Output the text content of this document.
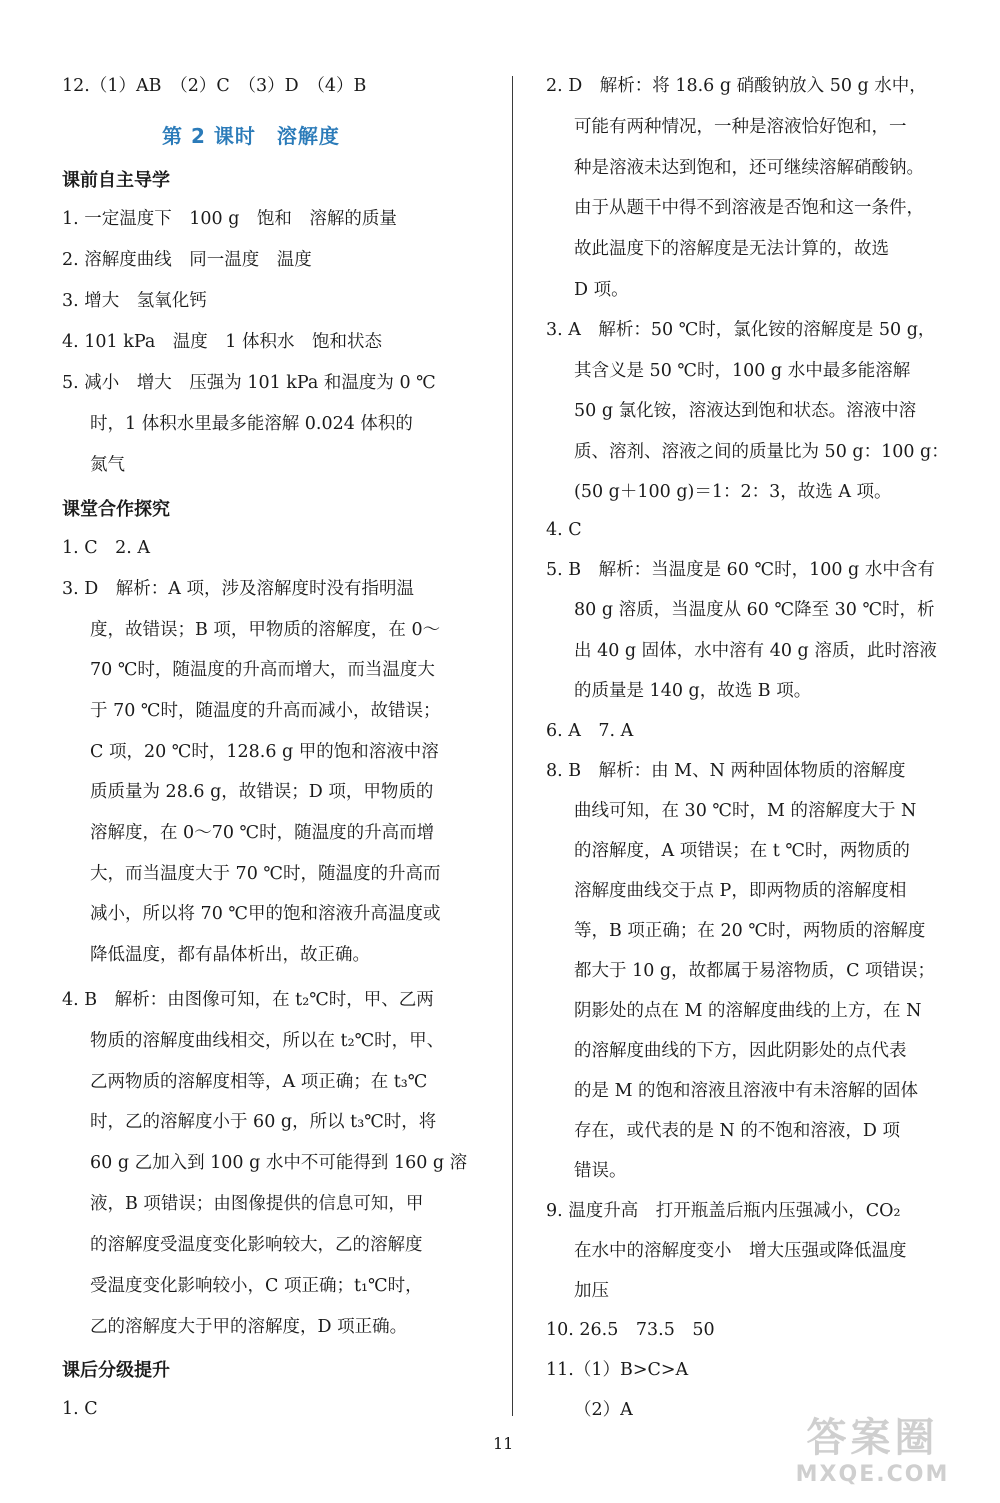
12.（1）AB　（2）C　（3）D　（4）B
第 2 课时　溶解度
课前自主导学
1. 一定温度下　100 g　饱和　溶解的质量
2. 溶解度曲线　同一温度　温度
3. 增大　氢氧化钙
4. 101 kPa　温度　1 体积水　饱和状态
5. 减小　增大　压强为 101 kPa 和温度为 0 ℃
时，1 体积水里最多能溶解 0.024 体积的
氮气
课堂合作探究
1. C　2. A
3. D　解析：A 项，涉及溶解度时没有指明温
度，故错误；B 项，甲物质的溶解度，在 0～
70 ℃时，随温度的升高而增大，而当温度大
于 70 ℃时，随温度的升高而减小，故错误；
C 项，20 ℃时，128.6 g 甲的饱和溶液中溶
质质量为 28.6 g，故错误；D 项，甲物质的
溶解度，在 0～70 ℃时，随温度的升高而增
大，而当温度大于 70 ℃时，随温度的升高而
减小，所以将 70 ℃甲的饱和溶液升高温度或
降低温度，都有晶体析出，故正确。
4. B　解析：由图像可知，在 t₂℃时，甲、乙两
物质的溶解度曲线相交，所以在 t₂℃时，甲、
乙两物质的溶解度相等，A 项正确；在 t₃℃
时，乙的溶解度小于 60 g，所以 t₃℃时，将
60 g 乙加入到 100 g 水中不可能得到 160 g 溶
液，B 项错误；由图像提供的信息可知，甲
的溶解度受温度变化影响较大，乙的溶解度
受温度变化影响较小，C 项正确；t₁℃时，
乙的溶解度大于甲的溶解度，D 项正确。
课后分级提升
1. C
2. D　解析：将 18.6 g 硝酸钠放入 50 g 水中，
可能有两种情况，一种是溶液恰好饱和，一
种是溶液未达到饱和，还可继续溶解硝酸钠。
由于从题干中得不到溶液是否饱和这一条件，
故此温度下的溶解度是无法计算的，故选
D 项。
3. A　解析：50 ℃时，氯化铵的溶解度是 50 g，
其含义是 50 ℃时，100 g 水中最多能溶解
50 g 氯化铵，溶液达到饱和状态。溶液中溶
质、溶剂、溶液之间的质量比为 50 g：100 g：
(50 g＋100 g)＝1：2：3，故选 A 项。
4. C
5. B　解析：当温度是 60 ℃时，100 g 水中含有
80 g 溶质，当温度从 60 ℃降至 30 ℃时，析
出 40 g 固体，水中溶有 40 g 溶质，此时溶液
的质量是 140 g，故选 B 项。
6. A　7. A
8. B　解析：由 M、N 两种固体物质的溶解度
曲线可知，在 30 ℃时，M 的溶解度大于 N
的溶解度，A 项错误；在 t ℃时，两物质的
溶解度曲线交于点 P，即两物质的溶解度相
等，B 项正确；在 20 ℃时，两物质的溶解度
都大于 10 g，故都属于易溶物质，C 项错误；
阴影处的点在 M 的溶解度曲线的上方，在 N
的溶解度曲线的下方，因此阴影处的点代表
的是 M 的饱和溶液且溶液中有未溶解的固体
存在，或代表的是 N 的不饱和溶液，D 项
错误。
9. 温度升高　打开瓶盖后瓶内压强减小，CO₂
在水中的溶解度变小　增大压强或降低温度
加压
10. 26.5　73.5　50
11.（1）B>C>A
（2）A
11	答案圈
MXQE.COM
